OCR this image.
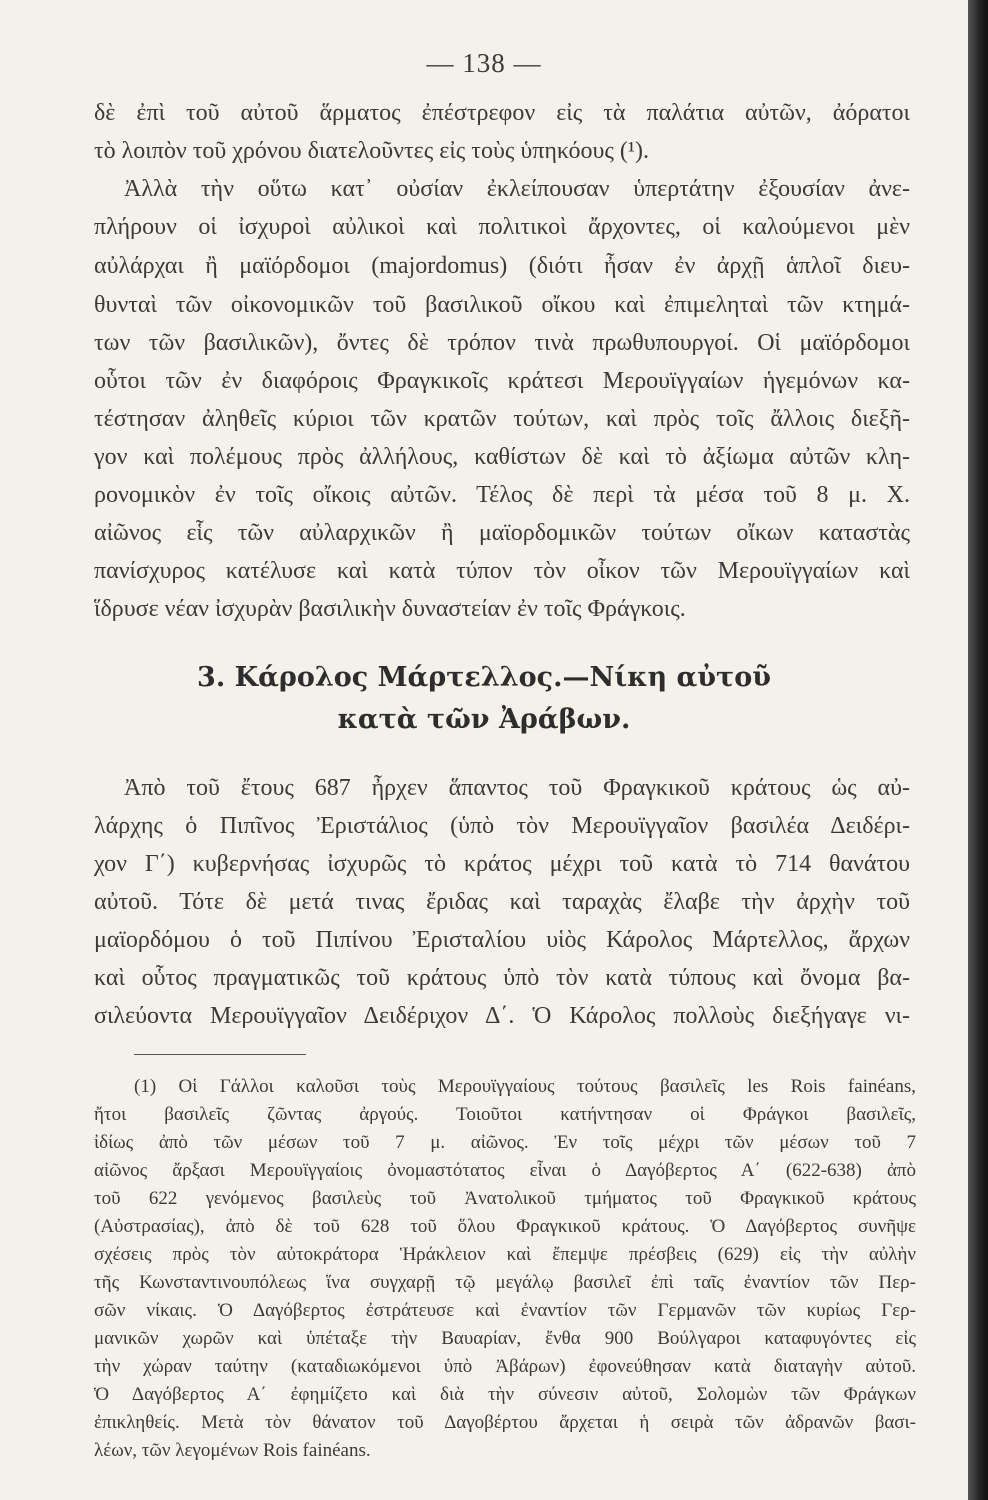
— 138 —
δὲ ἐπὶ τοῦ αὐτοῦ ἅρματος ἐπέστρεφον εἰς τὰ παλάτια αὐτῶν, ἀόρατοι
τὸ λοιπὸν τοῦ χρόνου διατελοῦντες εἰς τοὺς ὑπηκόους (¹).
Ἀλλὰ τὴν οὕτω κατ᾽ οὐσίαν ἐκλείπουσαν ὑπερτάτην ἐξουσίαν ἀνε-
πλήρουν οἱ ἰσχυροὶ αὐλικοὶ καὶ πολιτικοὶ ἄρχοντες, οἱ καλούμενοι μὲν
αὐλάρχαι ἢ μαϊόρδομοι (majordomus) (διότι ἦσαν ἐν ἀρχῇ ἁπλοῖ διευ-
θυνταὶ τῶν οἰκονομικῶν τοῦ βασιλικοῦ οἴκου καὶ ἐπιμεληταὶ τῶν κτημά-
των τῶν βασιλικῶν), ὄντες δὲ τρόπον τινὰ πρωθυπουργοί. Οἱ μαϊόρδομοι
οὗτοι τῶν ἐν διαφόροις Φραγκικοῖς κράτεσι Μερουϊγγαίων ἡγεμόνων κα-
τέστησαν ἀληθεῖς κύριοι τῶν κρατῶν τούτων, καὶ πρὸς τοῖς ἄλλοις διεξῆ-
γον καὶ πολέμους πρὸς ἀλλήλους, καθίστων δὲ καὶ τὸ ἀξίωμα αὐτῶν κλη-
ρονομικὸν ἐν τοῖς οἴκοις αὐτῶν. Τέλος δὲ περὶ τὰ μέσα τοῦ 8 μ. Χ.
αἰῶνος εἷς τῶν αὐλαρχικῶν ἢ μαϊορδομικῶν τούτων οἴκων καταστὰς
πανίσχυρος κατέλυσε καὶ κατὰ τύπον τὸν οἶκον τῶν Μερουϊγγαίων καὶ
ἵδρυσε νέαν ἰσχυρὰν βασιλικὴν δυναστείαν ἐν τοῖς Φράγκοις.
3. Κάρολος Μάρτελλος.—Νίκη αὐτοῦ
κατὰ τῶν Ἀράβων.
Ἀπὸ τοῦ ἔτους 687 ἦρχεν ἅπαντος τοῦ Φραγκικοῦ κράτους ὡς αὐ-
λάρχης ὁ Πιπῖνος Ἐριστάλιος (ὑπὸ τὸν Μερουϊγγαῖον βασιλέα Δειδέρι-
χον Γ΄) κυβερνήσας ἰσχυρῶς τὸ κράτος μέχρι τοῦ κατὰ τὸ 714 θανάτου
αὐτοῦ. Τότε δὲ μετά τινας ἔριδας καὶ ταραχὰς ἔλαβε τὴν ἀρχὴν τοῦ
μαϊορδόμου ὁ τοῦ Πιπίνου Ἐρισταλίου υἱὸς Κάρολος Μάρτελλος, ἄρχων
καὶ οὗτος πραγματικῶς τοῦ κράτους ὑπὸ τὸν κατὰ τύπους καὶ ὄνομα βα-
σιλεύοντα Μερουϊγγαῖον Δειδέριχον Δ΄. Ὁ Κάρολος πολλοὺς διεξήγαγε νι-
(1) Οἱ Γάλλοι καλοῦσι τοὺς Μερουϊγγαίους τούτους βασιλεῖς les Rois fainéans,
ἤτοι βασιλεῖς ζῶντας ἀργούς. Τοιοῦτοι κατήντησαν οἱ Φράγκοι βασιλεῖς,
ἰδίως ἀπὸ τῶν μέσων τοῦ 7 μ. αἰῶνος. Ἐν τοῖς μέχρι τῶν μέσων τοῦ 7
αἰῶνος ἄρξασι Μερουϊγγαίοις ὀνομαστότατος εἶναι ὁ Δαγόβερτος Α΄ (622-638) ἀπὸ
τοῦ 622 γενόμενος βασιλεὺς τοῦ Ἀνατολικοῦ τμήματος τοῦ Φραγκικοῦ κράτους
(Αὐστρασίας), ἀπὸ δὲ τοῦ 628 τοῦ ὅλου Φραγκικοῦ κράτους. Ὁ Δαγόβερτος συνῆψε
σχέσεις πρὸς τὸν αὐτοκράτορα Ἡράκλειον καὶ ἔπεμψε πρέσβεις (629) εἰς τὴν αὐλὴν
τῆς Κωνσταντινουπόλεως ἵνα συγχαρῇ τῷ μεγάλῳ βασιλεῖ ἐπὶ ταῖς ἐναντίον τῶν Περ-
σῶν νίκαις. Ὁ Δαγόβερτος ἐστράτευσε καὶ ἐναντίον τῶν Γερμανῶν τῶν κυρίως Γερ-
μανικῶν χωρῶν καὶ ὑπέταξε τὴν Βαυαρίαν, ἔνθα 900 Βούλγαροι καταφυγόντες εἰς
τὴν χώραν ταύτην (καταδιωκόμενοι ὑπὸ Ἀβάρων) ἐφονεύθησαν κατὰ διαταγὴν αὐτοῦ.
Ὁ Δαγόβερτος Α΄ ἐφημίζετο καὶ διὰ τὴν σύνεσιν αὐτοῦ, Σολομὼν τῶν Φράγκων
ἐπικληθείς. Μετὰ τὸν θάνατον τοῦ Δαγοβέρτου ἄρχεται ἡ σειρὰ τῶν ἀδρανῶν βασι-
λέων, τῶν λεγομένων Rois fainéans.
